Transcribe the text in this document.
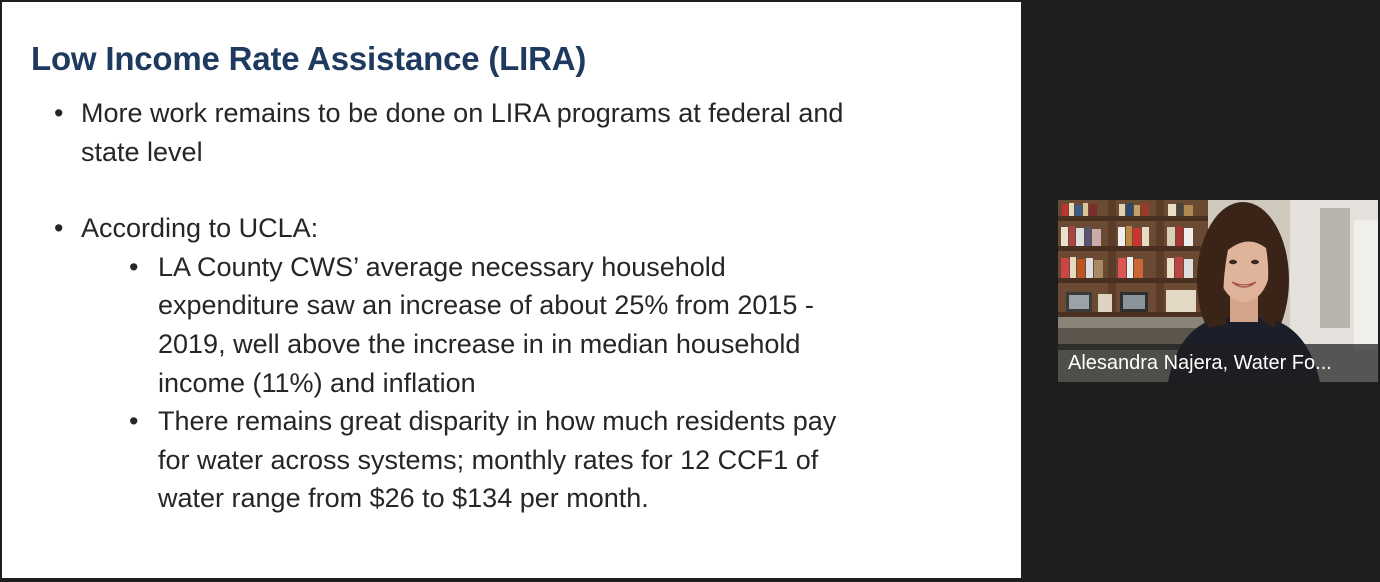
Low Income Rate Assistance (LIRA)
• More work remains to be done on LIRA programs at federal and state level
• According to UCLA:
• LA County CWS’ average necessary household expenditure saw an increase of about 25% from 2015 - 2019, well above the increase in in median household income (11%) and inflation
• There remains great disparity in how much residents pay for water across systems; monthly rates for 12 CCF1 of water range from $26 to $134 per month.
Alesandra Najera, Water Fo...
